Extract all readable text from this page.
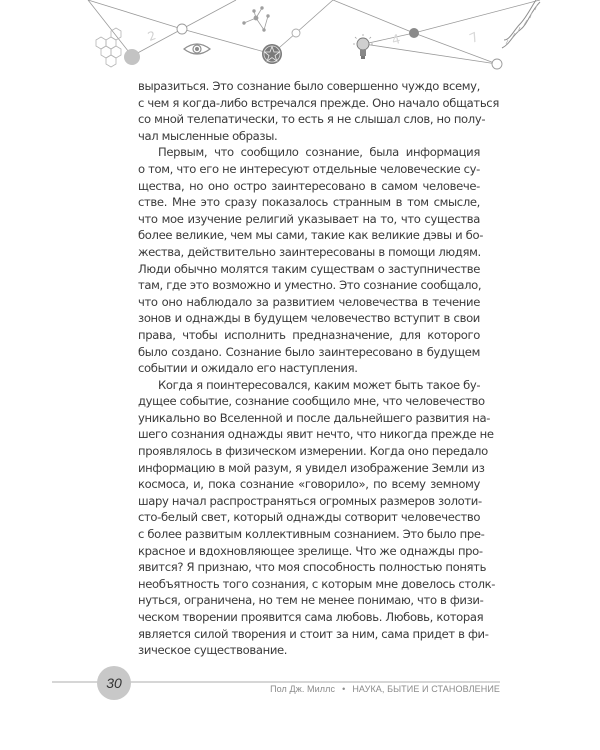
2	4	7
выразиться. Это сознание было совершенно чуждо всему,
с чем я когда-либо встречался прежде. Оно начало общаться
со мной телепатически, то есть я не слышал слов, но полу-
чал мысленные образы.
Первым, что сообщило сознание, была информация
о том, что его не интересуют отдельные человеческие су-
щества, но оно остро заинтересовано в самом человече-
стве. Мне это сразу показалось странным в том смысле,
что мое изучение религий указывает на то, что существа
более великие, чем мы сами, такие как великие дэвы и бо-
жества, действительно заинтересованы в помощи людям.
Люди обычно молятся таким существам о заступничестве
там, где это возможно и уместно. Это сознание сообщало,
что оно наблюдало за развитием человечества в течение
зонов и однажды в будущем человечество вступит в свои
права, чтобы исполнить предназначение, для которого
было создано. Сознание было заинтересовано в будущем
событии и ожидало его наступления.
Когда я поинтересовался, каким может быть такое бу-
дущее событие, сознание сообщило мне, что человечество
уникально во Вселенной и после дальнейшего развития на-
шего сознания однажды явит нечто, что никогда прежде не
проявлялось в физическом измерении. Когда оно передало
информацию в мой разум, я увидел изображение Земли из
космоса, и, пока сознание «говорило», по всему земному
шару начал распространяться огромных размеров золоти-
сто-белый свет, который однажды сотворит человечество
с более развитым коллективным сознанием. Это было пре-
красное и вдохновляющее зрелище. Что же однажды про-
явится? Я признаю, что моя способность полностью понять
необъятность того сознания, с которым мне довелось столк-
нуться, ограничена, но тем не менее понимаю, что в физи-
ческом творении проявится сама любовь. Любовь, которая
является силой творения и стоит за ним, сама придет в фи-
зическое существование.
30	Пол Дж. Миллс • НАУКА, БЫТИЕ И СТАНОВЛЕНИЕ
